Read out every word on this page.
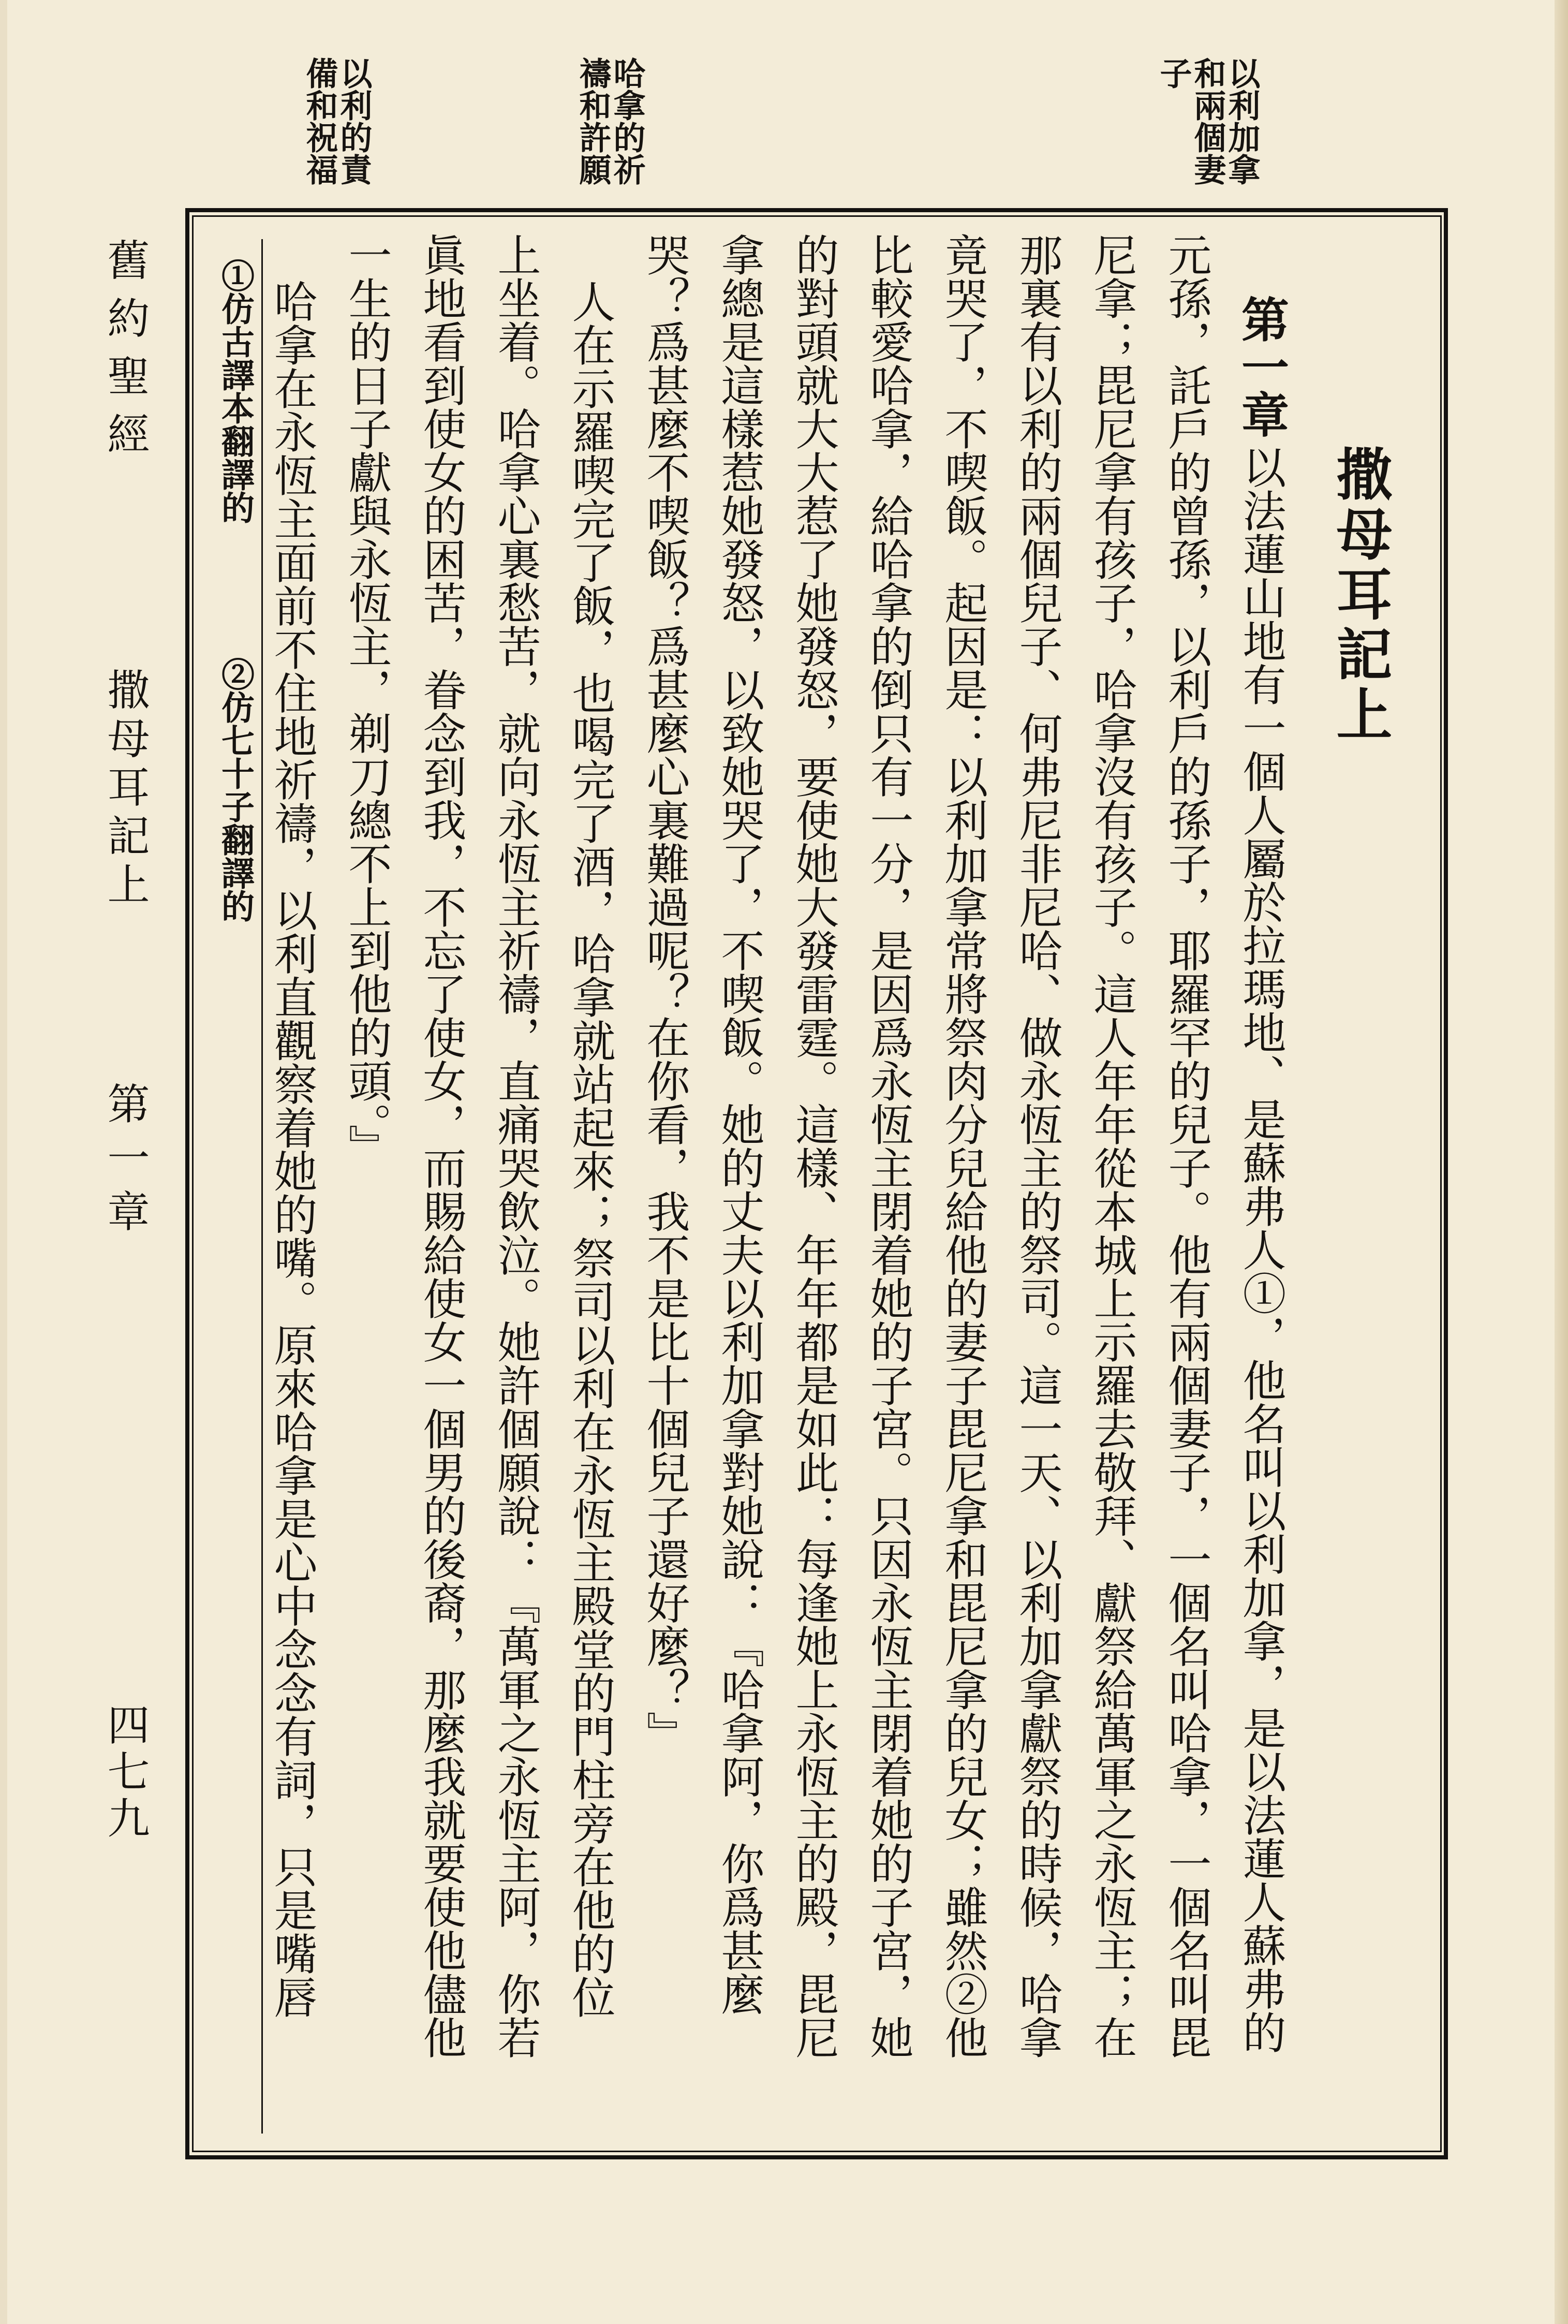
以利加拿
和兩個妻
子
哈拿的祈
禱和許願
以利的責
備和祝福
舊約聖經
撒母耳記上
第一章
四七九
撒母耳記上
第一章
以法蓮山地有一個人屬於拉瑪地、是蘇弗人①，他名叫以利加拿，是以法蓮人蘇弗的
元孫，託戶的曾孫，以利戶的孫子，耶羅罕的兒子。他有兩個妻子，一個名叫哈拿，一個名叫毘
尼拿；毘尼拿有孩子，哈拿沒有孩子。這人年年從本城上示羅去敬拜、獻祭給萬軍之永恆主；在
那裏有以利的兩個兒子、何弗尼非尼哈、做永恆主的祭司。這一天、以利加拿獻祭的時候，哈拿
竟哭了，不喫飯。起因是：以利加拿常將祭肉分兒給他的妻子毘尼拿和毘尼拿的兒女；雖然②他
比較愛哈拿，給哈拿的倒只有一分，是因爲永恆主閉着她的子宮。只因永恆主閉着她的子宮，她
的對頭就大大惹了她發怒，要使她大發雷霆。這樣、年年都是如此：每逢她上永恆主的殿，毘尼
拿總是這樣惹她發怒，以致她哭了，不喫飯。她的丈夫以利加拿對她說：『哈拿阿，你爲甚麼
哭？爲甚麼不喫飯？爲甚麼心裏難過呢？在你看，我不是比十個兒子還好麼？』
人在示羅喫完了飯，也喝完了酒，哈拿就站起來；祭司以利在永恆主殿堂的門柱旁在他的位
上坐着。哈拿心裏愁苦，就向永恆主祈禱，直痛哭飲泣。她許個願說：『萬軍之永恆主阿，你若
眞地看到使女的困苦，眷念到我，不忘了使女，而賜給使女一個男的後裔，那麼我就要使他儘他
一生的日子獻與永恆主，剃刀總不上到他的頭。』
哈拿在永恆主面前不住地祈禱，以利直觀察着她的嘴。原來哈拿是心中念念有詞，只是嘴唇
①仿古譯本翻譯的
②仿七十子翻譯的
